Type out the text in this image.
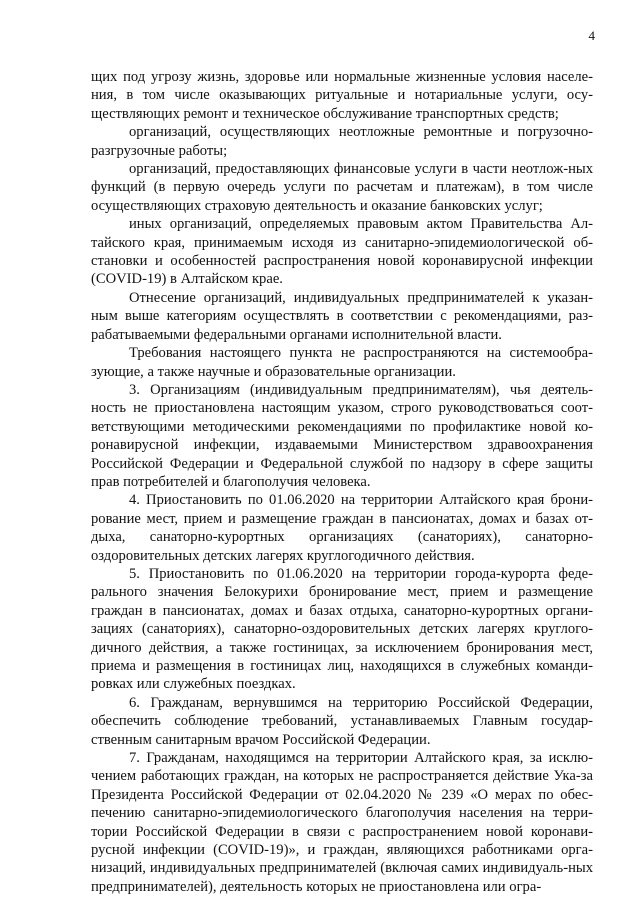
4

щих под угрозу жизнь, здоровье или нормальные жизненные условия населе-ния, в том числе оказывающих ритуальные и нотариальные услуги, осу-ществляющих ремонт и техническое обслуживание транспортных средств;

организаций, осуществляющих неотложные ремонтные и погрузочно-разгрузочные работы;

организаций, предоставляющих финансовые услуги в части неотлож-ных функций (в первую очередь услуги по расчетам и платежам), в том числе осуществляющих страховую деятельность и оказание банковских услуг;

иных организаций, определяемых правовым актом Правительства Ал-тайского края, принимаемым исходя из санитарно-эпидемиологической об-становки и особенностей распространения новой коронавирусной инфекции (COVID-19) в Алтайском крае.

Отнесение организаций, индивидуальных предпринимателей к указан-ным выше категориям осуществлять в соответствии с рекомендациями, раз-рабатываемыми федеральными органами исполнительной власти.

Требования настоящего пункта не распространяются на системообра-зующие, а также научные и образовательные организации.

3. Организациям (индивидуальным предпринимателям), чья деятель-ность не приостановлена настоящим указом, строго руководствоваться соот-ветствующими методическими рекомендациями по профилактике новой ко-ронавирусной инфекции, издаваемыми Министерством здравоохранения Российской Федерации и Федеральной службой по надзору в сфере защиты прав потребителей и благополучия человека.

4. Приостановить по 01.06.2020 на территории Алтайского края брони-рование мест, прием и размещение граждан в пансионатах, домах и базах от-дыха, санаторно-курортных организациях (санаториях), санаторно-оздоровительных детских лагерях круглогодичного действия.

5. Приостановить по 01.06.2020 на территории города-курорта феде-рального значения Белокурихи бронирование мест, прием и размещение граждан в пансионатах, домах и базах отдыха, санаторно-курортных органи-зациях (санаториях), санаторно-оздоровительных детских лагерях круглого-дичного действия, а также гостиницах, за исключением бронирования мест, приема и размещения в гостиницах лиц, находящихся в служебных команди-ровках или служебных поездках.

6. Гражданам, вернувшимся на территорию Российской Федерации, обеспечить соблюдение требований, устанавливаемых Главным государ-ственным санитарным врачом Российской Федерации.

7. Гражданам, находящимся на территории Алтайского края, за исклю-чением работающих граждан, на которых не распространяется действие Ука-за Президента Российской Федерации от 02.04.2020 № 239 «О мерах по обес-печению санитарно-эпидемиологического благополучия населения на терри-тории Российской Федерации в связи с распространением новой коронави-русной инфекции (COVID-19)», и граждан, являющихся работниками орга-низаций, индивидуальных предпринимателей (включая самих индивидуаль-ных предпринимателей), деятельность которых не приостановлена или огра-
